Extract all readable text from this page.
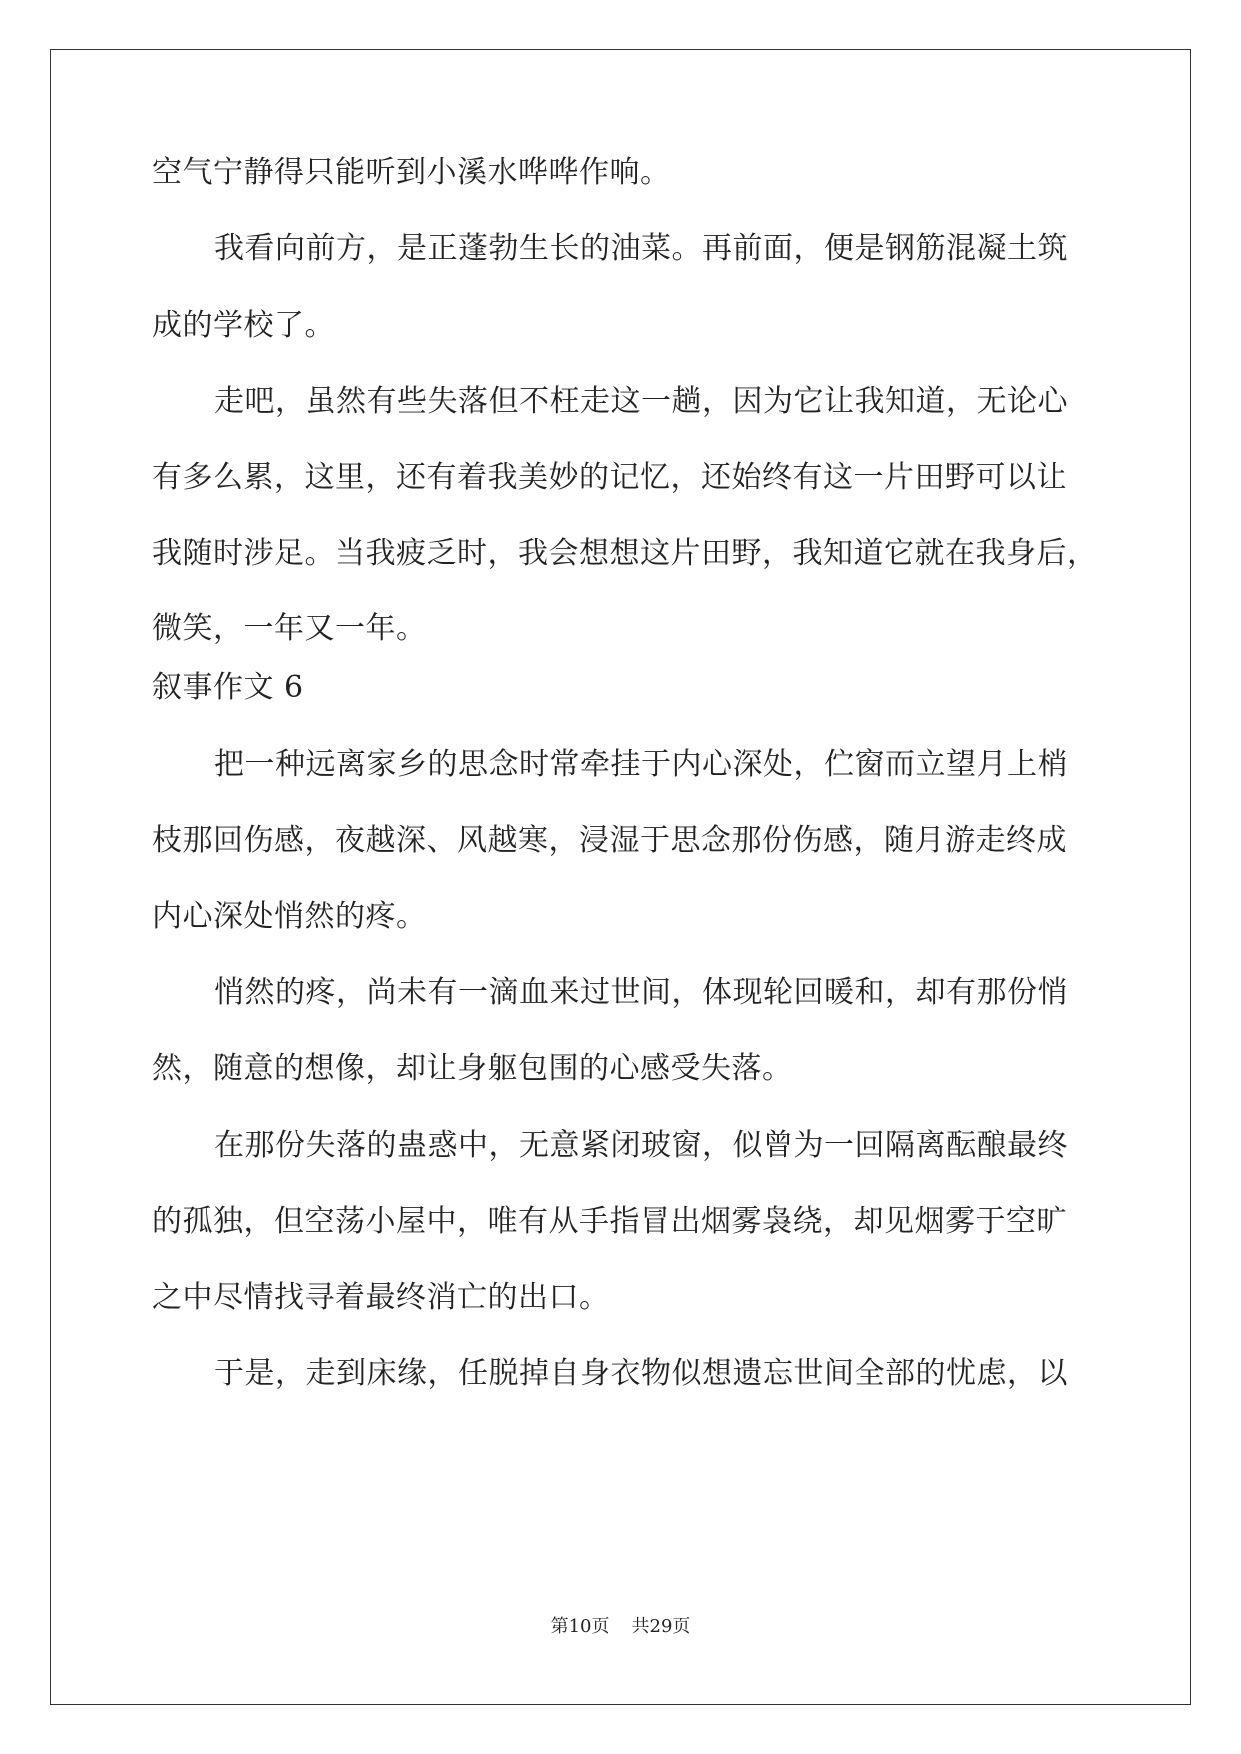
空气宁静得只能听到小溪水哗哗作响。
我看向前方，是正蓬勃生长的油菜。再前面，便是钢筋混凝土筑
成的学校了。
走吧，虽然有些失落但不枉走这一趟，因为它让我知道，无论心
有多么累，这里，还有着我美妙的记忆，还始终有这一片田野可以让
我随时涉足。当我疲乏时，我会想想这片田野，我知道它就在我身后，
微笑，一年又一年。
叙事作文 6
把一种远离家乡的思念时常牵挂于内心深处，伫窗而立望月上梢
枝那回伤感，夜越深、风越寒，浸湿于思念那份伤感，随月游走终成
内心深处悄然的疼。
悄然的疼，尚未有一滴血来过世间，体现轮回暖和，却有那份悄
然，随意的想像，却让身躯包围的心感受失落。
在那份失落的蛊惑中，无意紧闭玻窗，似曾为一回隔离酝酿最终
的孤独，但空荡小屋中，唯有从手指冒出烟雾袅绕，却见烟雾于空旷
之中尽情找寻着最终消亡的出口。
于是，走到床缘，任脱掉自身衣物似想遗忘世间全部的忧虑，以
第10页 共29页
